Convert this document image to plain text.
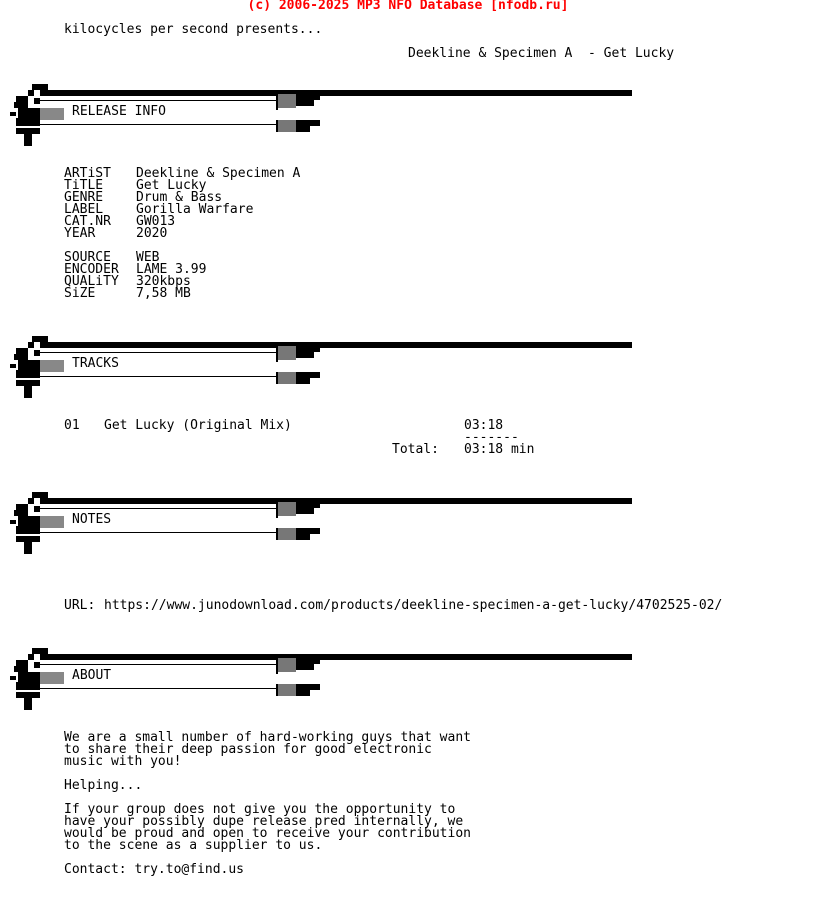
(c) 2006-2025 MP3 NFO Database [nfodb.ru]
kilocycles per second presents...
Deekline & Specimen A  - Get Lucky
RELEASE INFO
ARTiST Deekline & Specimen A
TiTLE	Get Lucky
GENRE	Drum & Bass
LABEL	Gorilla Warfare
CAT.NR GW013
YEAR	2020
SOURCE WEB
ENCODER LAME 3.99
QUALiTY 320kbps
SiZE	7,58 MB
TRACKS
01 Get Lucky (Original Mix)	03:18
-------
Total: 03:18 min
NOTES
URL: https://www.junodownload.com/products/deekline-specimen-a-get-lucky/4702525-02/
ABOUT
We are a small number of hard-working guys that want
to share their deep passion for good electronic
music with you!
Helping...
If your group does not give you the opportunity to
have your possibly dupe release pred internally, we
would be proud and open to receive your contribution
to the scene as a supplier to us.
Contact: try.to@find.us
